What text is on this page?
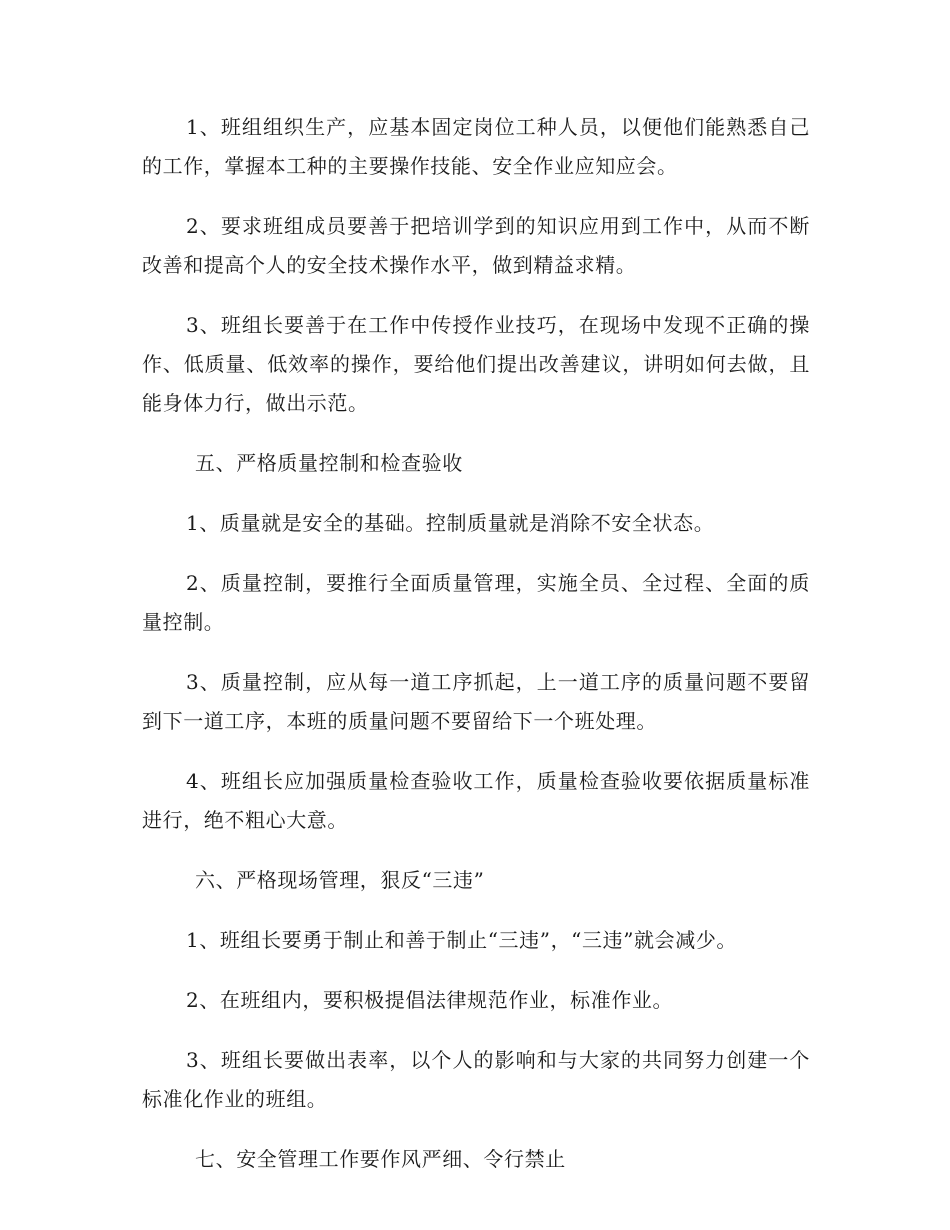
1、班组组织生产，应基本固定岗位工种人员，以便他们能熟悉自己的工作，掌握本工种的主要操作技能、安全作业应知应会。

2、要求班组成员要善于把培训学到的知识应用到工作中，从而不断改善和提高个人的安全技术操作水平，做到精益求精。

3、班组长要善于在工作中传授作业技巧，在现场中发现不正确的操作、低质量、低效率的操作，要给他们提出改善建议，讲明如何去做，且能身体力行，做出示范。

五、严格质量控制和检查验收

1、质量就是安全的基础。控制质量就是消除不安全状态。

2、质量控制，要推行全面质量管理，实施全员、全过程、全面的质量控制。

3、质量控制，应从每一道工序抓起，上一道工序的质量问题不要留到下一道工序，本班的质量问题不要留给下一个班处理。

4、班组长应加强质量检查验收工作，质量检查验收要依据质量标准进行，绝不粗心大意。

六、严格现场管理，狠反“三违”

1、班组长要勇于制止和善于制止“三违”，“三违”就会减少。

2、在班组内，要积极提倡法律规范作业，标准作业。

3、班组长要做出表率，以个人的影响和与大家的共同努力创建一个标准化作业的班组。

七、安全管理工作要作风严细、令行禁止
